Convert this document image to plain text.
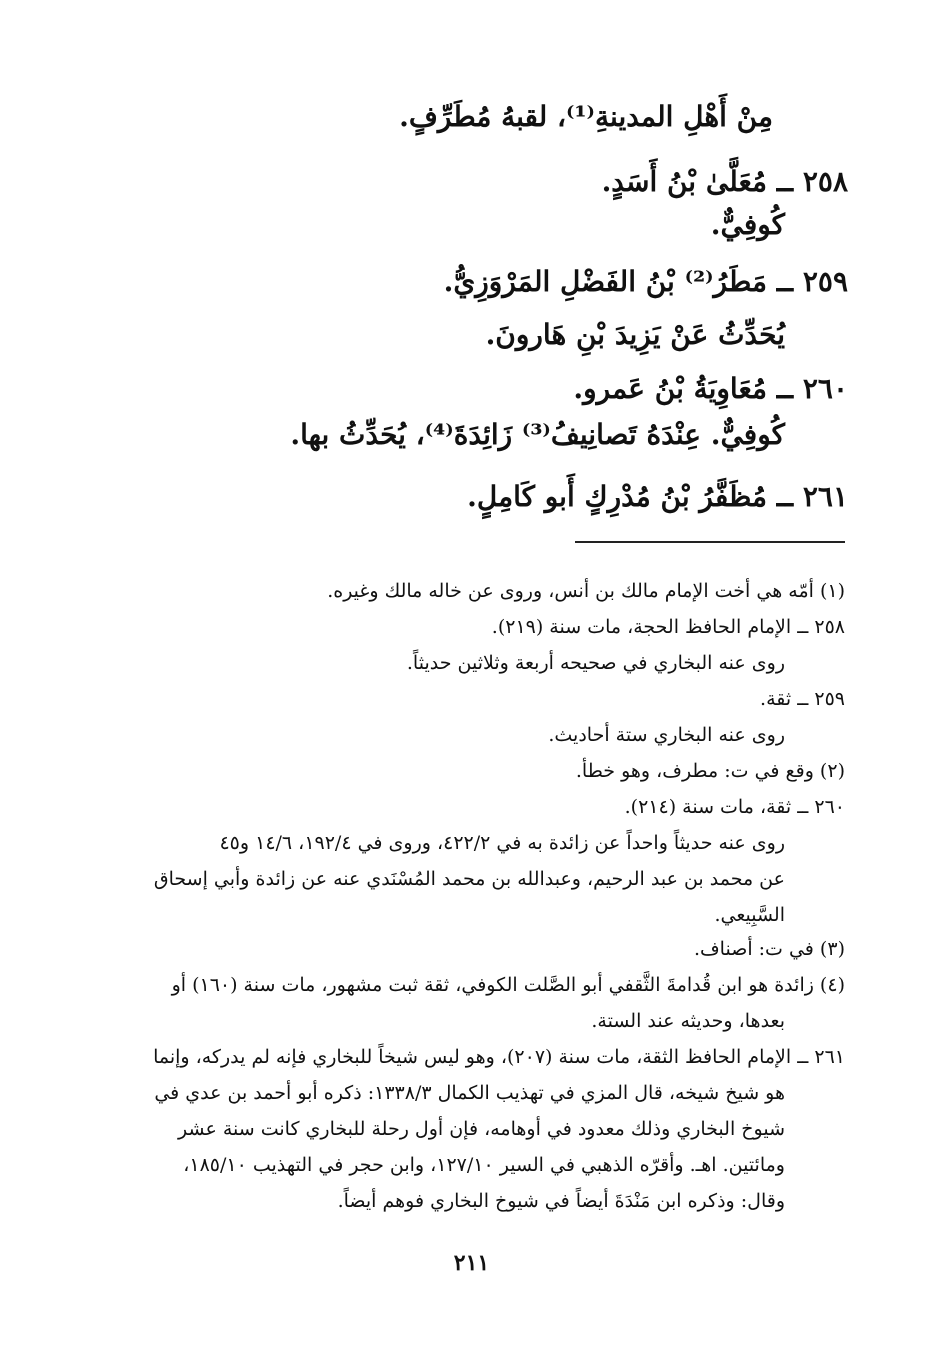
مِنْ أَهْلِ المدينةِ⁽¹⁾، لقبهُ مُطَرِّفٍ.
٢٥٨ ــ مُعَلَّىٰ بْنُ أَسَدٍ.
كُوفِيٌّ.
٢٥٩ ــ مَطَرُ⁽²⁾ بْنُ الفَضْلِ المَرْوَزِيُّ.
يُحَدِّثُ عَنْ يَزِيدَ بْنِ هَارونَ.
٢٦٠ ــ مُعَاوِيَةُ بْنُ عَمرو.
كُوفِيٌّ. عِنْدَهُ تَصانِيفُ⁽³⁾ زَائِدَةَ⁽⁴⁾، يُحَدِّثُ بها.
٢٦١ ــ مُظَفَّرُ بْنُ مُدْرِكٍ أَبو كَامِلٍ.
(١) أمّه هي أخت الإمام مالك بن أنس، وروى عن خاله مالك وغيره.
٢٥٨ ــ الإمام الحافظ الحجة، مات سنة (٢١٩).
روى عنه البخاري في صحيحه أربعة وثلاثين حديثاً.
٢٥٩ ــ ثقة.
روى عنه البخاري ستة أحاديث.
(٢) وقع في ت: مطرف، وهو خطأ.
٢٦٠ ــ ثقة، مات سنة (٢١٤).
روى عنه حديثاً واحداً عن زائدة به في ٤٢٢/٢، وروى في ١٩٢/٤، ١٤/٦ و٤٥
عن محمد بن عبد الرحيم، وعبدالله بن محمد المُسْنَدي عنه عن زائدة وأبي إسحاق
السَّبِيعي.
(٣) في ت: أصناف.
(٤) زائدة هو ابن قُدامةَ الثَّقفي أبو الصَّلت الكوفي، ثقة ثبت مشهور، مات سنة (١٦٠) أو
بعدها، وحديثه عند الستة.
٢٦١ ــ الإمام الحافظ الثقة، مات سنة (٢٠٧)، وهو ليس شيخاً للبخاري فإنه لم يدركه، وإنما
هو شيخ شيخه، قال المزي في تهذيب الكمال ١٣٣٨/٣: ذكره أبو أحمد بن عدي في
شيوخ البخاري وذلك معدود في أوهامه، فإن أول رحلة للبخاري كانت سنة عشر
ومائتين. اهـ. وأقرّه الذهبي في السير ١٢٧/١٠، وابن حجر في التهذيب ١٨٥/١٠،
وقال: وذكره ابن مَنْدَةَ أيضاً في شيوخ البخاري فوهم أيضاً.
٢١١
